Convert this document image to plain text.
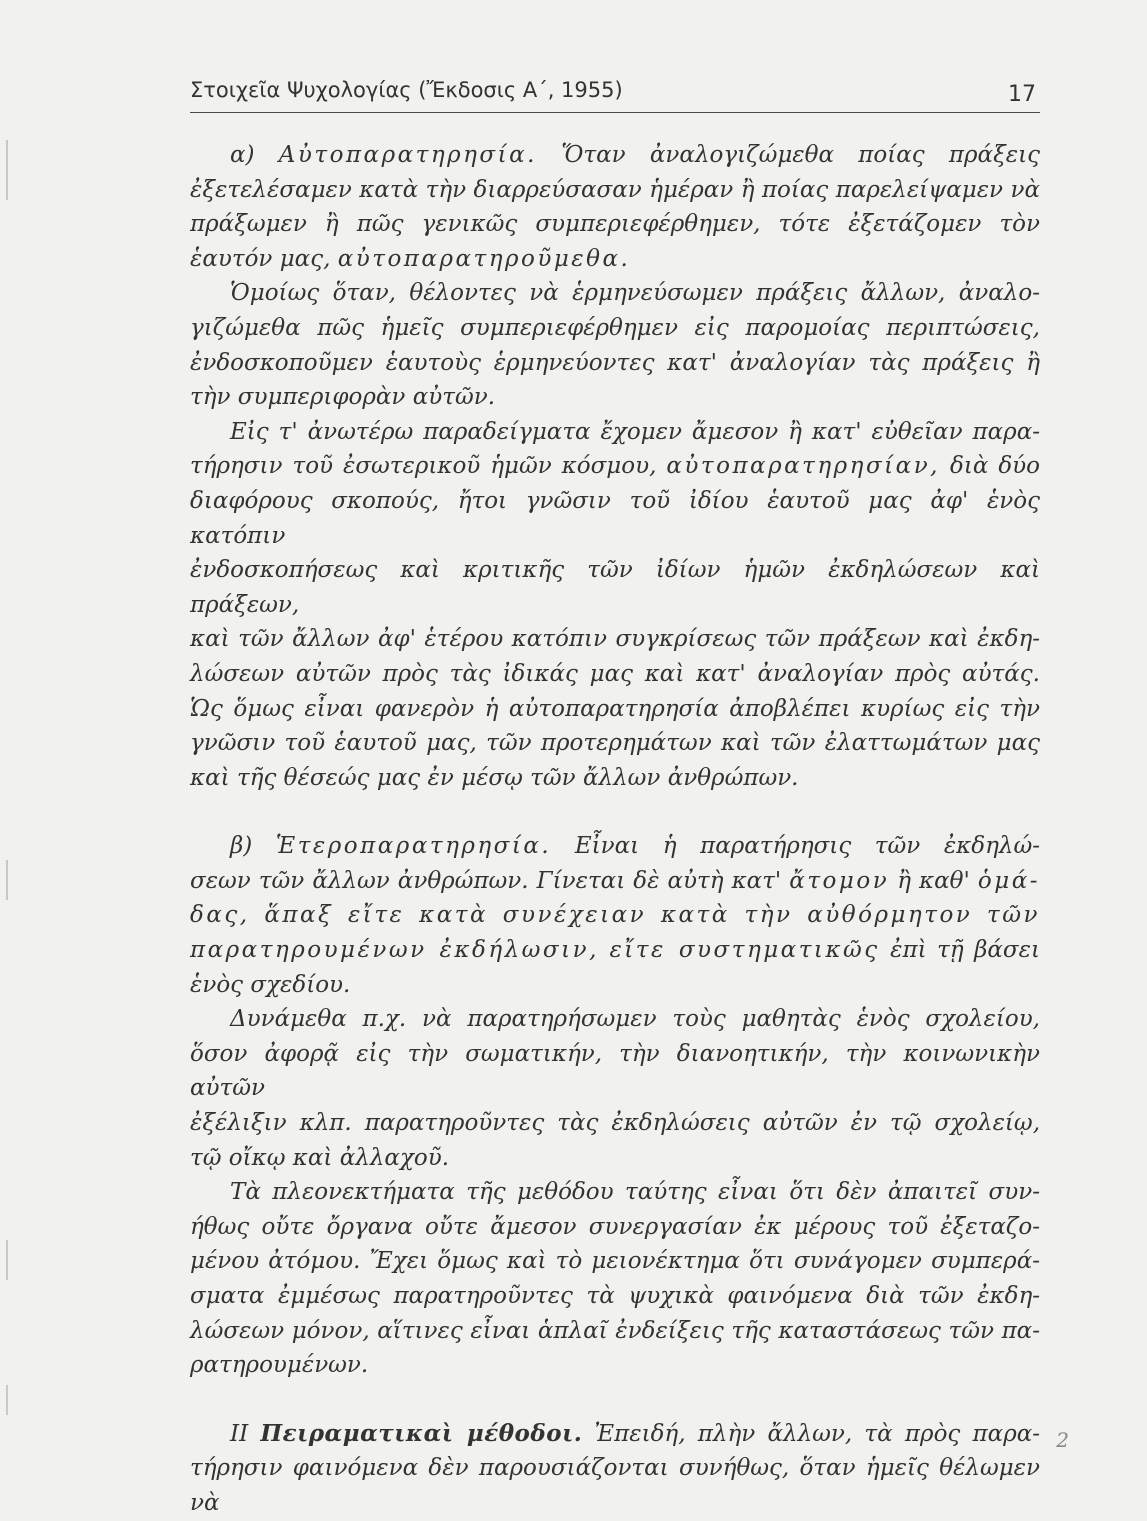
Στοιχεῖα Ψυχολογίας (Ἔκδοσις Α΄, 1955)	17

α) Αὐτοπαρατηρησία. Ὅταν ἀναλογιζώμεθα ποίας πράξεις

ἐξετελέσαμεν κατὰ τὴν διαρρεύσασαν ἡμέραν ἢ ποίας παρελείψαμεν νὰ

πράξωμεν ἢ πῶς γενικῶς συμπεριεφέρθημεν, τότε ἐξετάζομεν τὸν

ἑαυτόν μας, αὐτοπαρατηροῦμεθα.

Ὁμοίως ὅταν, θέλοντες νὰ ἑρμηνεύσωμεν πράξεις ἄλλων, ἀναλο-

γιζώμεθα πῶς ἡμεῖς συμπεριεφέρθημεν εἰς παρομοίας περιπτώσεις,

ἐνδοσκοποῦμεν ἑαυτοὺς ἑρμηνεύοντες κατ' ἀναλογίαν τὰς πράξεις ἢ

τὴν συμπεριφορὰν αὐτῶν.

Εἰς τ' ἀνωτέρω παραδείγματα ἔχομεν ἄμεσον ἢ κατ' εὐθεῖαν παρα-

τήρησιν τοῦ ἐσωτερικοῦ ἡμῶν κόσμου, αὐτοπαρατηρησίαν, διὰ δύο

διαφόρους σκοπούς, ἤτοι γνῶσιν τοῦ ἰδίου ἑαυτοῦ μας ἀφ' ἑνὸς κατόπιν

ἐνδοσκοπήσεως καὶ κριτικῆς τῶν ἰδίων ἡμῶν ἐκδηλώσεων καὶ πράξεων,

καὶ τῶν ἄλλων ἀφ' ἑτέρου κατόπιν συγκρίσεως τῶν πράξεων καὶ ἐκδη-

λώσεων αὐτῶν πρὸς τὰς ἰδικάς μας καὶ κατ' ἀναλογίαν πρὸς αὐτάς.

Ὡς ὅμως εἶναι φανερὸν ἡ αὐτοπαρατηρησία ἀποβλέπει κυρίως εἰς τὴν

γνῶσιν τοῦ ἑαυτοῦ μας, τῶν προτερημάτων καὶ τῶν ἐλαττωμάτων μας

καὶ τῆς θέσεώς μας ἐν μέσῳ τῶν ἄλλων ἀνθρώπων.

β) Ἑτεροπαρατηρησία. Εἶναι ἡ παρατήρησις τῶν ἐκδηλώ-

σεων τῶν ἄλλων ἀνθρώπων. Γίνεται δὲ αὐτὴ κατ' ἄτομον ἢ καθ' ὁμά-

δας, ἅπαξ εἴτε κατὰ συνέχειαν κατὰ τὴν αὐθόρμητον τῶν

παρατηρουμένων ἐκδήλωσιν, εἴτε συστηματικῶς ἐπὶ τῇ βάσει

ἑνὸς σχεδίου.

Δυνάμεθα π.χ. νὰ παρατηρήσωμεν τοὺς μαθητὰς ἑνὸς σχολείου,

ὅσον ἀφορᾷ εἰς τὴν σωματικήν, τὴν διανοητικήν, τὴν κοινωνικὴν αὐτῶν

ἐξέλιξιν κλπ. παρατηροῦντες τὰς ἐκδηλώσεις αὐτῶν ἐν τῷ σχολείῳ,

τῷ οἴκῳ καὶ ἀλλαχοῦ.

Τὰ πλεονεκτήματα τῆς μεθόδου ταύτης εἶναι ὅτι δὲν ἀπαιτεῖ συν-

ήθως οὔτε ὄργανα οὔτε ἄμεσον συνεργασίαν ἐκ μέρους τοῦ ἐξεταζο-

μένου ἀτόμου. Ἔχει ὅμως καὶ τὸ μειονέκτημα ὅτι συνάγομεν συμπερά-

σματα ἐμμέσως παρατηροῦντες τὰ ψυχικὰ φαινόμενα διὰ τῶν ἐκδη-

λώσεων μόνον, αἵτινες εἶναι ἁπλαῖ ἐνδείξεις τῆς καταστάσεως τῶν πα-

ρατηρουμένων.

ΙΙ Πειραματικαὶ μέθοδοι. Ἐπειδή, πλὴν ἄλλων, τὰ πρὸς παρα-

τήρησιν φαινόμενα δὲν παρουσιάζονται συνήθως, ὅταν ἡμεῖς θέλωμεν νὰ

2
